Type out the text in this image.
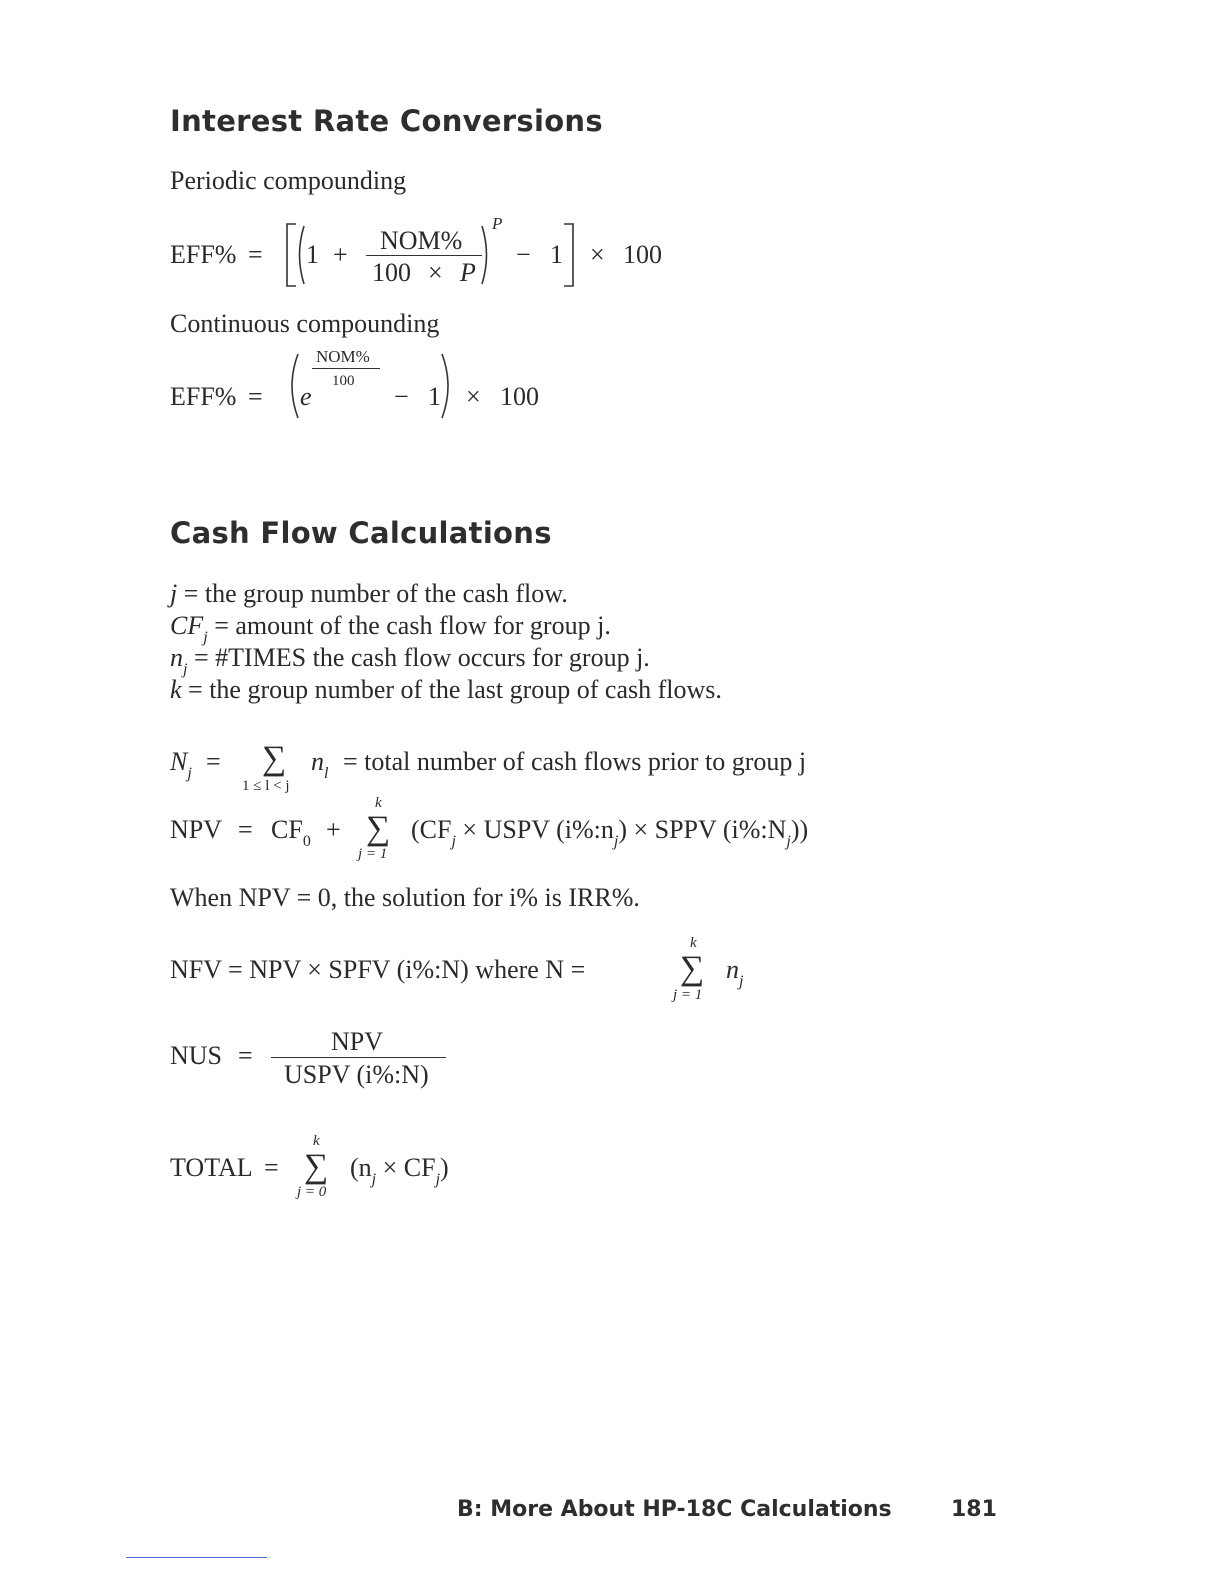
Interest Rate Conversions
Periodic compounding
EFF% = 1 + NOM%
100 × P
P
− 1 × 100
Continuous compounding
EFF% = e
NOM%
100
− 1 × 100
Cash Flow Calculations
j = the group number of the cash flow.
$CF_j$ = amount of the cash flow for group j.
$n_j$ = #TIMES the cash flow occurs for group j.
k = the group number of the last group of cash flows.
$N_j$ = ∑
1 ≤ l < j
$n_l$ = total number of cash flows prior to group j
NPV = $CF_0$ +
k
∑
j = 1
($CF_j$ × USPV $(i\%:n_j)$ × SPPV $(i\%:N_j)$)
When NPV = 0, the solution for i% is IRR%.
NFV = NPV × SPFV (i%:N) where N =
k
∑
j = 1
$n_j$
NUS =	NPV
USPV (i%:N)
TOTAL =
k
∑
j = 0
$(n_j \times CF_j)$
B: More About HP-18C Calculations	181
